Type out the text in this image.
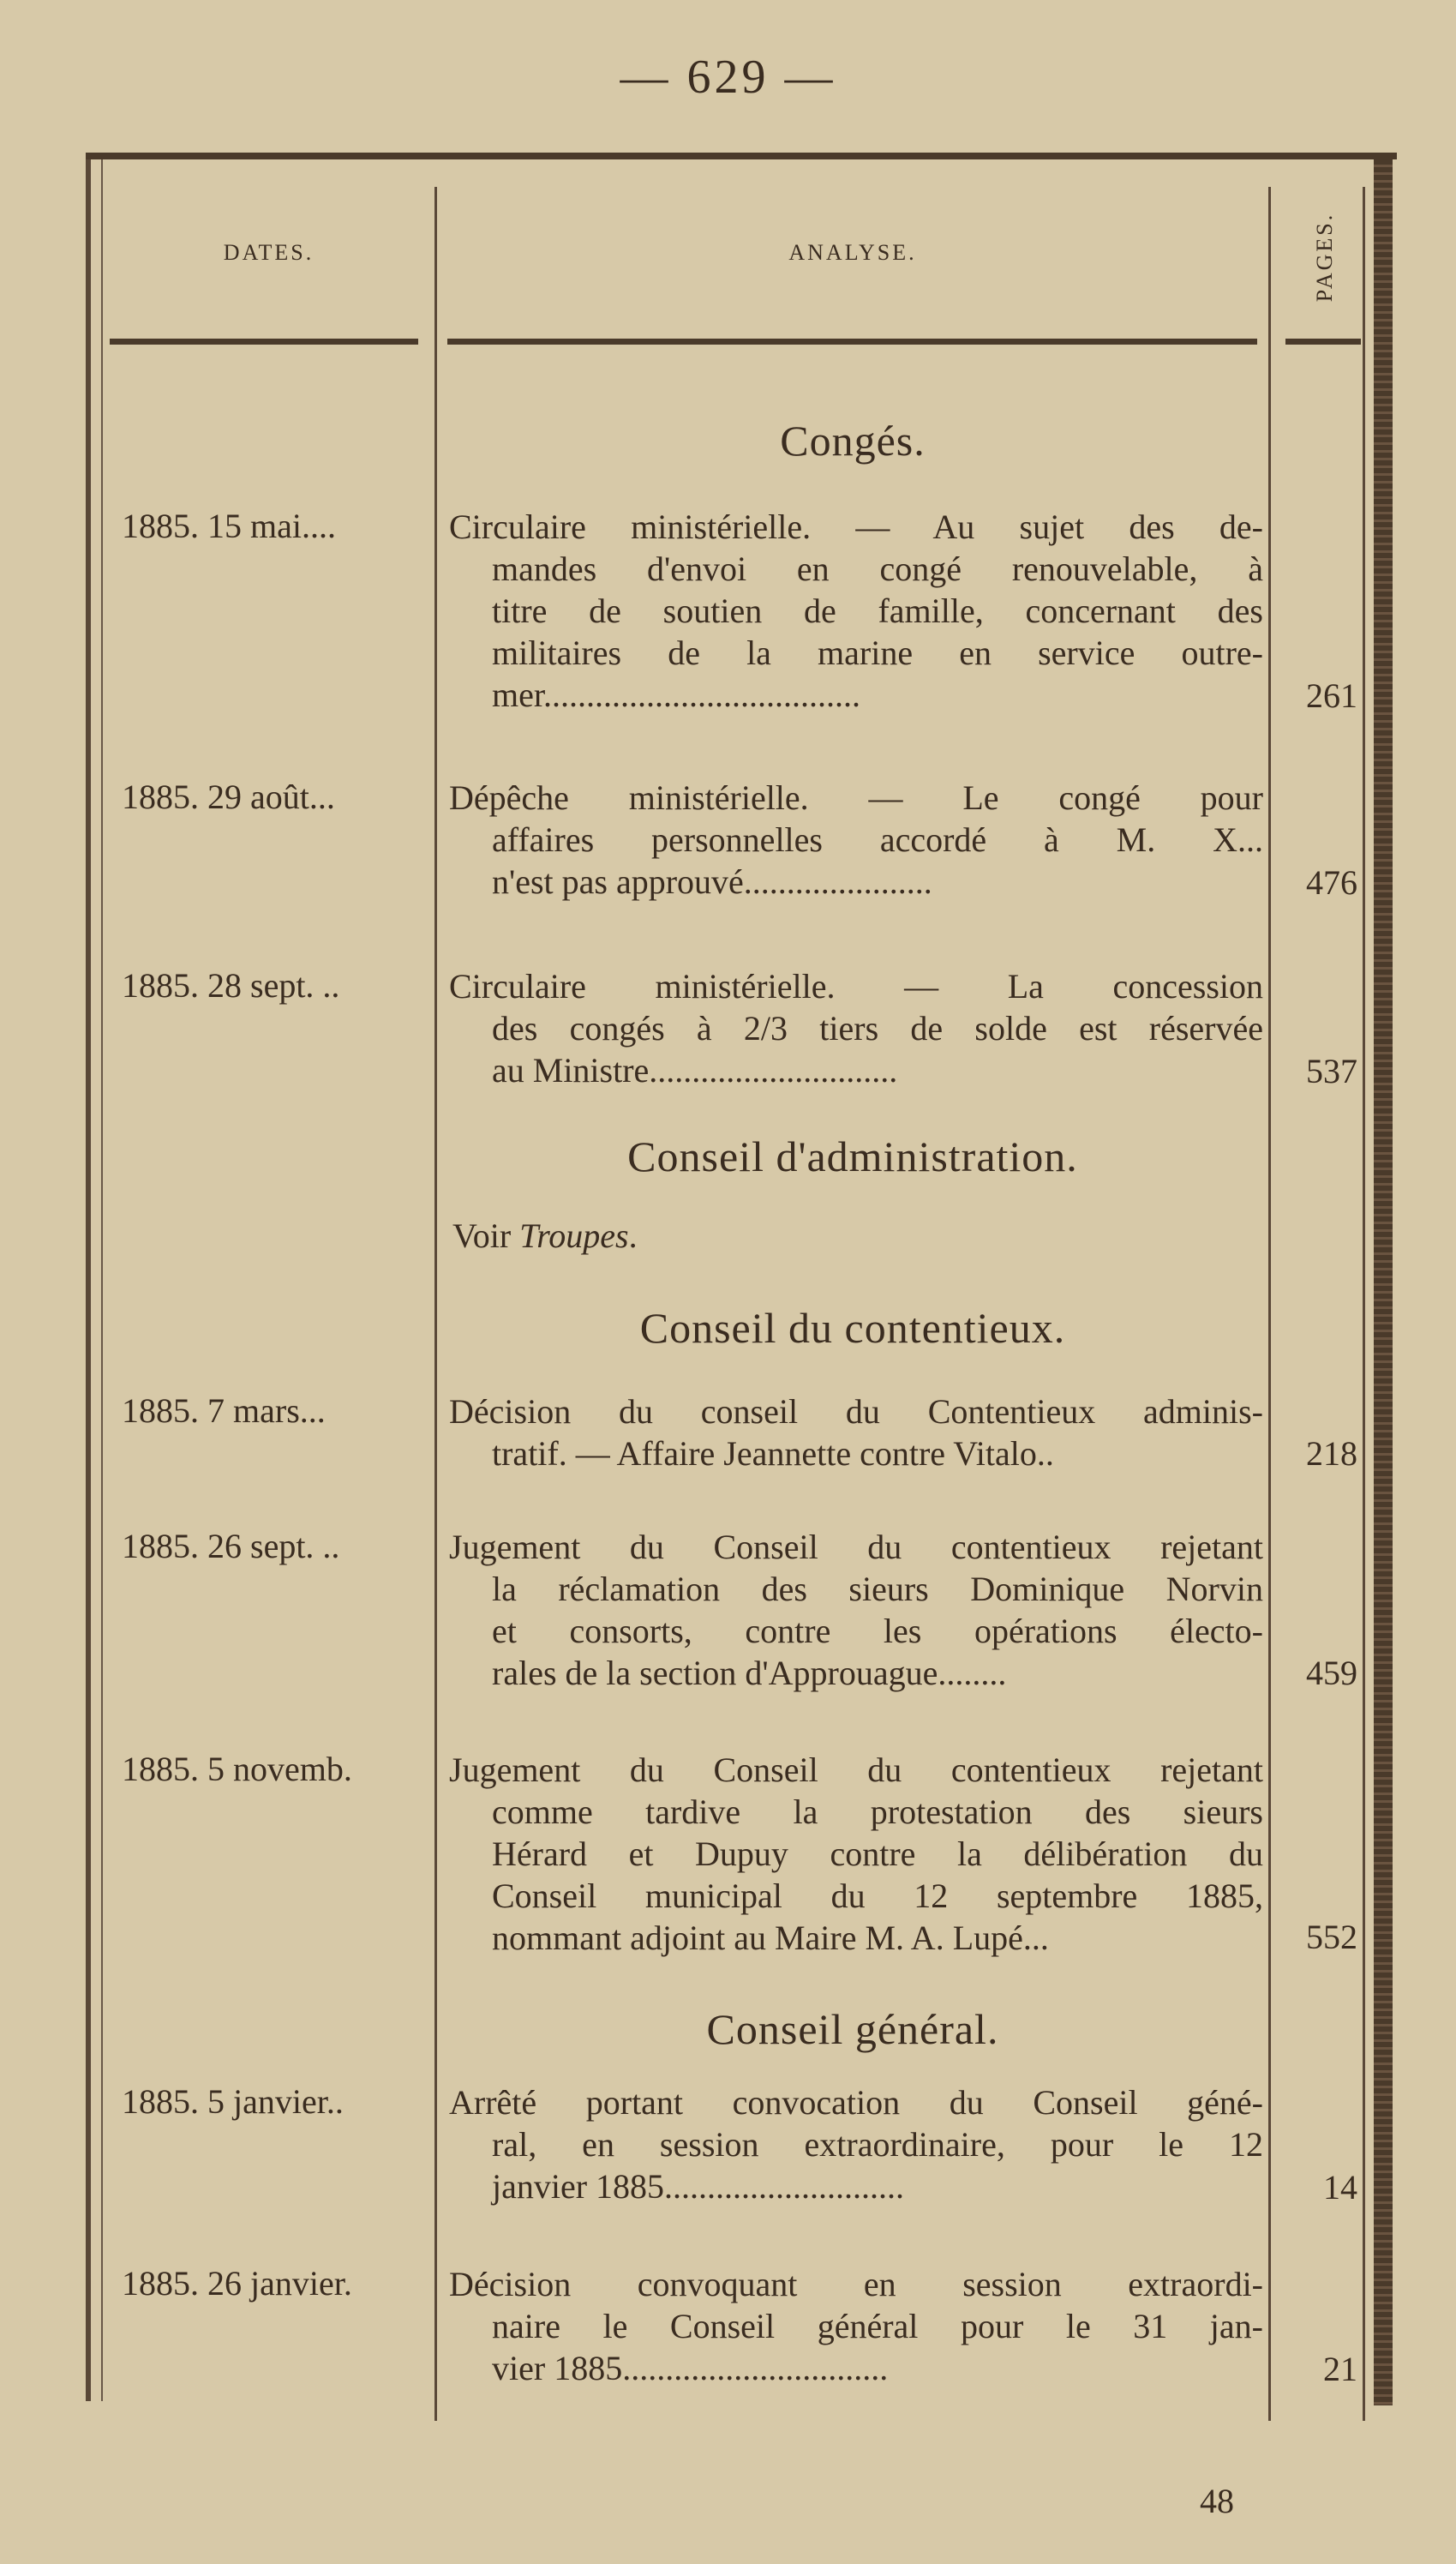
— 629 —
DATES.	ANALYSE.	PAGES.
Congés.
1885. 15 mai....	Circulaire ministérielle. — Au sujet des de-
mandes d'envoi en congé renouvelable, à
titre de soutien de famille, concernant des
militaires de la marine en service outre-
mer.....................................	261
1885. 29 août...	Dépêche ministérielle. — Le congé pour
affaires personnelles accordé à M. X...
n'est pas approuvé......................	476
1885. 28 sept. ..	Circulaire ministérielle. — La concession
des congés à 2/3 tiers de solde est réservée
au Ministre.............................	537
Conseil d'administration.
Voir Troupes.
Conseil du contentieux.
1885. 7 mars...	Décision du conseil du Contentieux adminis-
tratif. — Affaire Jeannette contre Vitalo..	218
1885. 26 sept. ..	Jugement du Conseil du contentieux rejetant
la réclamation des sieurs Dominique Norvin
et consorts, contre les opérations électo-
rales de la section d'Approuague........	459
1885. 5 novemb.	Jugement du Conseil du contentieux rejetant
comme tardive la protestation des sieurs
Hérard et Dupuy contre la délibération du
Conseil municipal du 12 septembre 1885,
nommant adjoint au Maire M. A. Lupé...	552
Conseil général.
1885. 5 janvier..	Arrêté portant convocation du Conseil géné-
ral, en session extraordinaire, pour le 12
janvier 1885............................	14
1885. 26 janvier.	Décision convoquant en session extraordi-
naire le Conseil général pour le 31 jan-
vier 1885...............................	21
48
